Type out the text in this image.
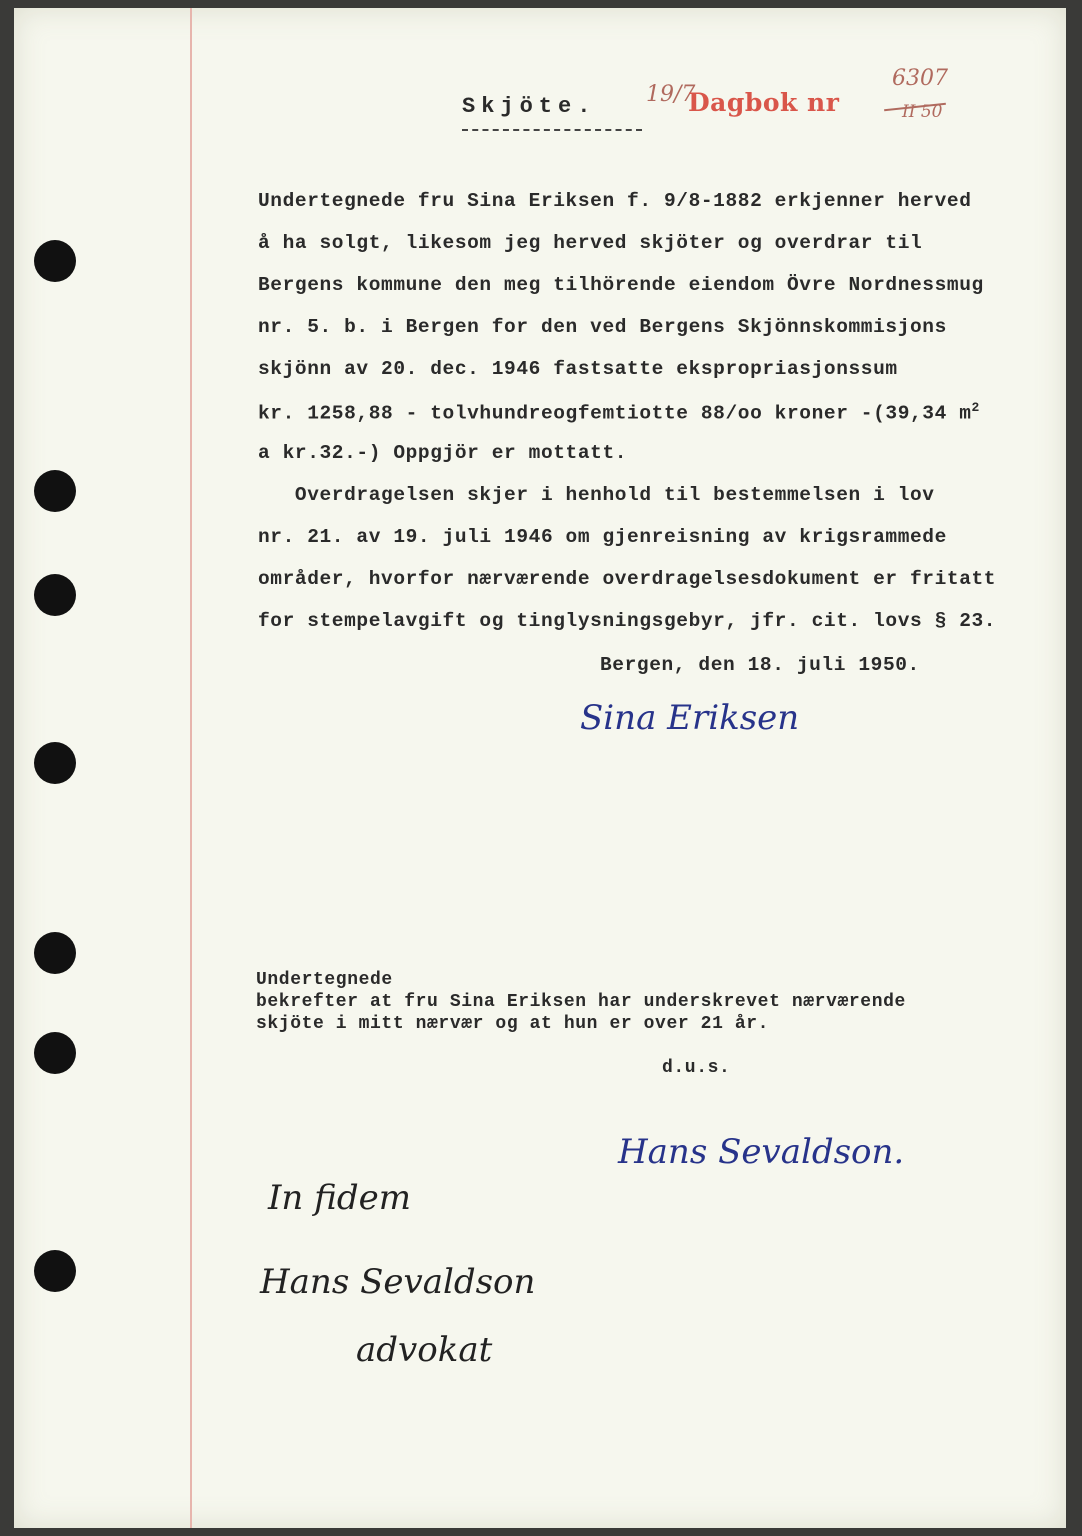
Skjöte. 19/7
Dagbok nr
6307
II 50
Undertegnede fru Sina Eriksen f. 9/8-1882 erkjenner herved
å ha solgt, likesom jeg herved skjöter og overdrar til
Bergens kommune den meg tilhörende eiendom Övre Nordnessmug
nr. 5. b. i Bergen for den ved Bergens Skjönnskommisjons
skjönn av 20. dec. 1946 fastsatte ekspropriasjonssum
kr. 1258,88 - tolvhundreogfemtiotte 88/oo kroner -(39,34 $m^2$
a kr.32.-) Oppgjör er mottatt.
Overdragelsen skjer i henhold til bestemmelsen i lov
nr. 21. av 19. juli 1946 om gjenreisning av krigsrammede
områder, hvorfor nærværende overdragelsesdokument er fritatt
for stempelavgift og tinglysningsgebyr, jfr. cit. lovs § 23.
Bergen, den 18. juli 1950.
Sina Eriksen
Undertegnede
bekrefter at fru Sina Eriksen har underskrevet nærværende
skjöte i mitt nærvær og at hun er over 21 år.
d.u.s.
Hans Sevaldson.
In fidem
Hans Sevaldson
advokat
